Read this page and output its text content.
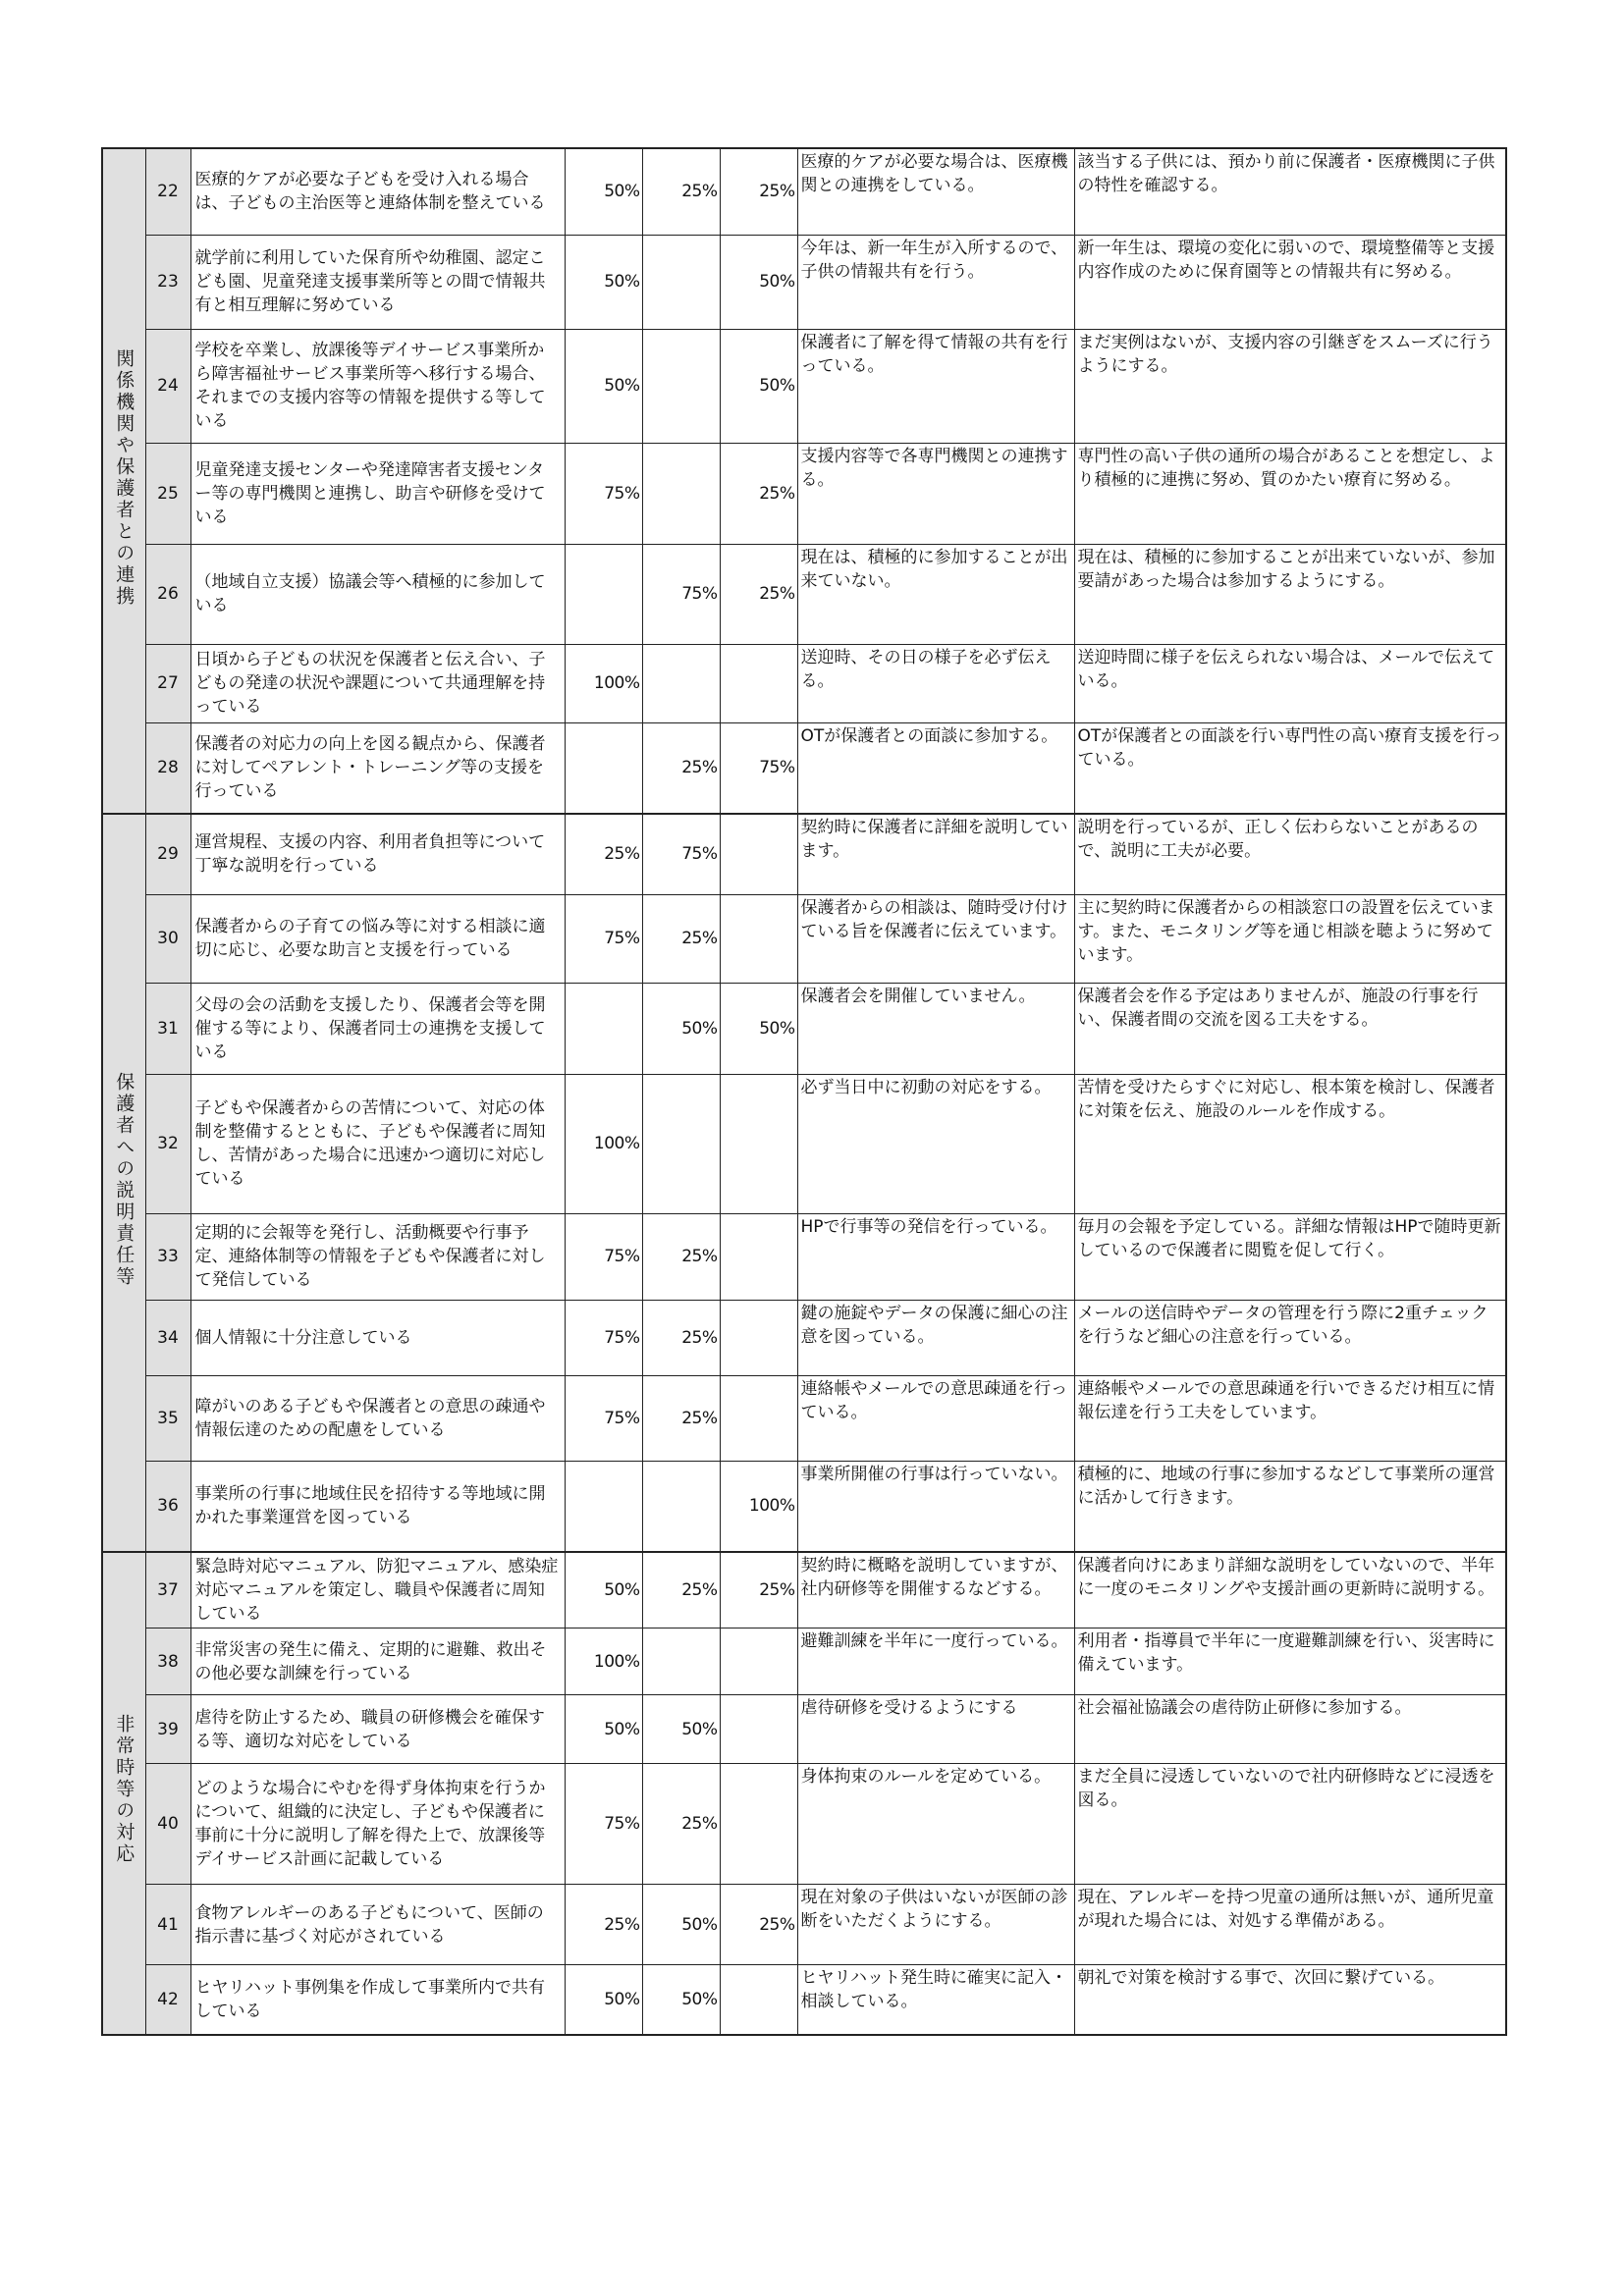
関係機関や保護者との連携	22	医療的ケアが必要な子どもを受け入れる場合は、子どもの主治医等と連絡体制を整えている	50%	25%	25%	医療的ケアが必要な場合は、医療機関との連携をしている。	該当する子供には、預かり前に保護者・医療機関に子供の特性を確認する。
	23	就学前に利用していた保育所や幼稚園、認定こども園、児童発達支援事業所等との間で情報共有と相互理解に努めている	50%		50%	今年は、新一年生が入所するので、子供の情報共有を行う。	新一年生は、環境の変化に弱いので、環境整備等と支援内容作成のために保育園等との情報共有に努める。
	24	学校を卒業し、放課後等デイサービス事業所から障害福祉サービス事業所等へ移行する場合、それまでの支援内容等の情報を提供する等している	50%		50%	保護者に了解を得て情報の共有を行っている。	まだ実例はないが、支援内容の引継ぎをスムーズに行うようにする。
	25	児童発達支援センターや発達障害者支援センター等の専門機関と連携し、助言や研修を受けている	75%		25%	支援内容等で各専門機関との連携する。	専門性の高い子供の通所の場合があることを想定し、より積極的に連携に努め、質のかたい療育に努める。
	26	（地域自立支援）協議会等へ積極的に参加している		75%	25%	現在は、積極的に参加することが出来ていない。	現在は、積極的に参加することが出来ていないが、参加要請があった場合は参加するようにする。
	27	日頃から子どもの状況を保護者と伝え合い、子どもの発達の状況や課題について共通理解を持っている	100%			送迎時、その日の様子を必ず伝える。	送迎時間に様子を伝えられない場合は、メールで伝えている。
	28	保護者の対応力の向上を図る観点から、保護者に対してペアレント・トレーニング等の支援を行っている		25%	75%	OTが保護者との面談に参加する。	OTが保護者との面談を行い専門性の高い療育支援を行っている。
保護者への説明責任等	29	運営規程、支援の内容、利用者負担等について丁寧な説明を行っている	25%	75%		契約時に保護者に詳細を説明しています。	説明を行っているが、正しく伝わらないことがあるので、説明に工夫が必要。
	30	保護者からの子育ての悩み等に対する相談に適切に応じ、必要な助言と支援を行っている	75%	25%		保護者からの相談は、随時受け付けている旨を保護者に伝えています。	主に契約時に保護者からの相談窓口の設置を伝えています。また、モニタリング等を通じ相談を聴ように努めています。
	31	父母の会の活動を支援したり、保護者会等を開催する等により、保護者同士の連携を支援している		50%	50%	保護者会を開催していません。	保護者会を作る予定はありませんが、施設の行事を行い、保護者間の交流を図る工夫をする。
	32	子どもや保護者からの苦情について、対応の体制を整備するとともに、子どもや保護者に周知し、苦情があった場合に迅速かつ適切に対応している	100%			必ず当日中に初動の対応をする。	苦情を受けたらすぐに対応し、根本策を検討し、保護者に対策を伝え、施設のルールを作成する。
	33	定期的に会報等を発行し、活動概要や行事予定、連絡体制等の情報を子どもや保護者に対して発信している	75%	25%		HPで行事等の発信を行っている。	毎月の会報を予定している。詳細な情報はHPで随時更新しているので保護者に閲覧を促して行く。
	34	個人情報に十分注意している	75%	25%		鍵の施錠やデータの保護に細心の注意を図っている。	メールの送信時やデータの管理を行う際に2重チェックを行うなど細心の注意を行っている。
	35	障がいのある子どもや保護者との意思の疎通や情報伝達のための配慮をしている	75%	25%		連絡帳やメールでの意思疎通を行っている。	連絡帳やメールでの意思疎通を行いできるだけ相互に情報伝達を行う工夫をしています。
	36	事業所の行事に地域住民を招待する等地域に開かれた事業運営を図っている			100%	事業所開催の行事は行っていない。	積極的に、地域の行事に参加するなどして事業所の運営に活かして行きます。
非常時等の対応	37	緊急時対応マニュアル、防犯マニュアル、感染症対応マニュアルを策定し、職員や保護者に周知している	50%	25%	25%	契約時に概略を説明していますが、社内研修等を開催するなどする。	保護者向けにあまり詳細な説明をしていないので、半年に一度のモニタリングや支援計画の更新時に説明する。
	38	非常災害の発生に備え、定期的に避難、救出その他必要な訓練を行っている	100%			避難訓練を半年に一度行っている。	利用者・指導員で半年に一度避難訓練を行い、災害時に備えています。
	39	虐待を防止するため、職員の研修機会を確保する等、適切な対応をしている	50%	50%		虐待研修を受けるようにする	社会福祉協議会の虐待防止研修に参加する。
	40	どのような場合にやむを得ず身体拘束を行うかについて、組織的に決定し、子どもや保護者に事前に十分に説明し了解を得た上で、放課後等デイサービス計画に記載している	75%	25%		身体拘束のルールを定めている。	まだ全員に浸透していないので社内研修時などに浸透を図る。
	41	食物アレルギーのある子どもについて、医師の指示書に基づく対応がされている	25%	50%	25%	現在対象の子供はいないが医師の診断をいただくようにする。	現在、アレルギーを持つ児童の通所は無いが、通所児童が現れた場合には、対処する準備がある。
	42	ヒヤリハット事例集を作成して事業所内で共有している	50%	50%		ヒヤリハット発生時に確実に記入・相談している。	朝礼で対策を検討する事で、次回に繋げている。
